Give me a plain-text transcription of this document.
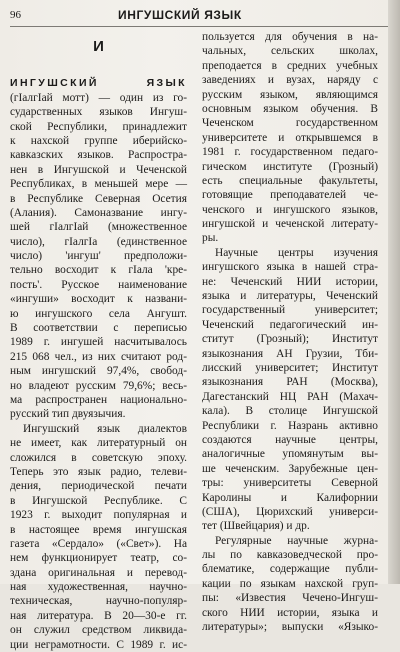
96	ИНГУШСКИЙ ЯЗЫК
И
ИНГУШСКИЙ ЯЗЫК
(гIалгIай мотт) — один из го-
сударственных языков Ингуш-
ской Республики, принадлежит
к нахской группе иберийско-
кавказских языков. Распростра-
нен в Ингушской и Чеченской
Республиках, в меньшей мере —
в Республике Северная Осетия
(Алания). Самоназвание ингу-
шей гIалгIай (множественное
число), гIалгIа (единственное
число) 'ингуш' предположи-
тельно восходит к гIала 'кре-
пость'. Русское наименование
«ингуши» восходит к названи-
ю ингушского села Ангушт.
В соответствии с переписью
1989 г. ингушей насчитывалось
215 068 чел., из них считают род-
ным ингушский 97,4%, свобод-
но владеют русским 79,6%; весь-
ма распространен национально-
русский тип двуязычия.
Ингушский язык диалектов
не имеет, как литературный он
сложился в советскую эпоху.
Теперь это язык радио, телеви-
дения, периодической печати
в Ингушской Республике. С
1923 г. выходит популярная и
в настоящее время ингушская
газета «Сердало» («Свет»). На
нем функционирует театр, со-
здана оригинальная и перевод-
ная художественная, научно-
техническая, научно-популяр-
ная литература. В 20—30-е гг.
он служил средством ликвида-
ции неграмотности. С 1989 г. ис-
пользуется для обучения в на-
чальных, сельских школах,
преподается в средних учебных
заведениях и вузах, наряду с
русским языком, являющимся
основным языком обучения. В
Чеченском государственном
университете и открывшемся в
1981 г. государственном педаго-
гическом институте (Грозный)
есть специальные факультеты,
готовящие преподавателей че-
ченского и ингушского языков,
ингушской и чеченской литерату-
ры.
Научные центры изучения
ингушского языка в нашей стра-
не: Чеченский НИИ истории,
языка и литературы, Чеченский
государственный университет;
Чеченский педагогический ин-
ститут (Грозный); Институт
языкознания АН Грузии, Тби-
лисский университет; Институт
языкознания РАН (Москва),
Дагестанский НЦ РАН (Махач-
кала). В столице Ингушской
Республики г. Назрань активно
создаются научные центры,
аналогичные упомянутым вы-
ше чеченским. Зарубежные цен-
тры: университеты Северной
Каролины и Калифорнии
(США), Цюрихский универси-
тет (Швейцария) и др.
Регулярные научные журна-
лы по кавказоведческой про-
блематике, содержащие публи-
кации по языкам нахской груп-
пы: «Известия Чечено-Ингуш-
ского НИИ истории, языка и
литературы»; выпуски «Языко-
